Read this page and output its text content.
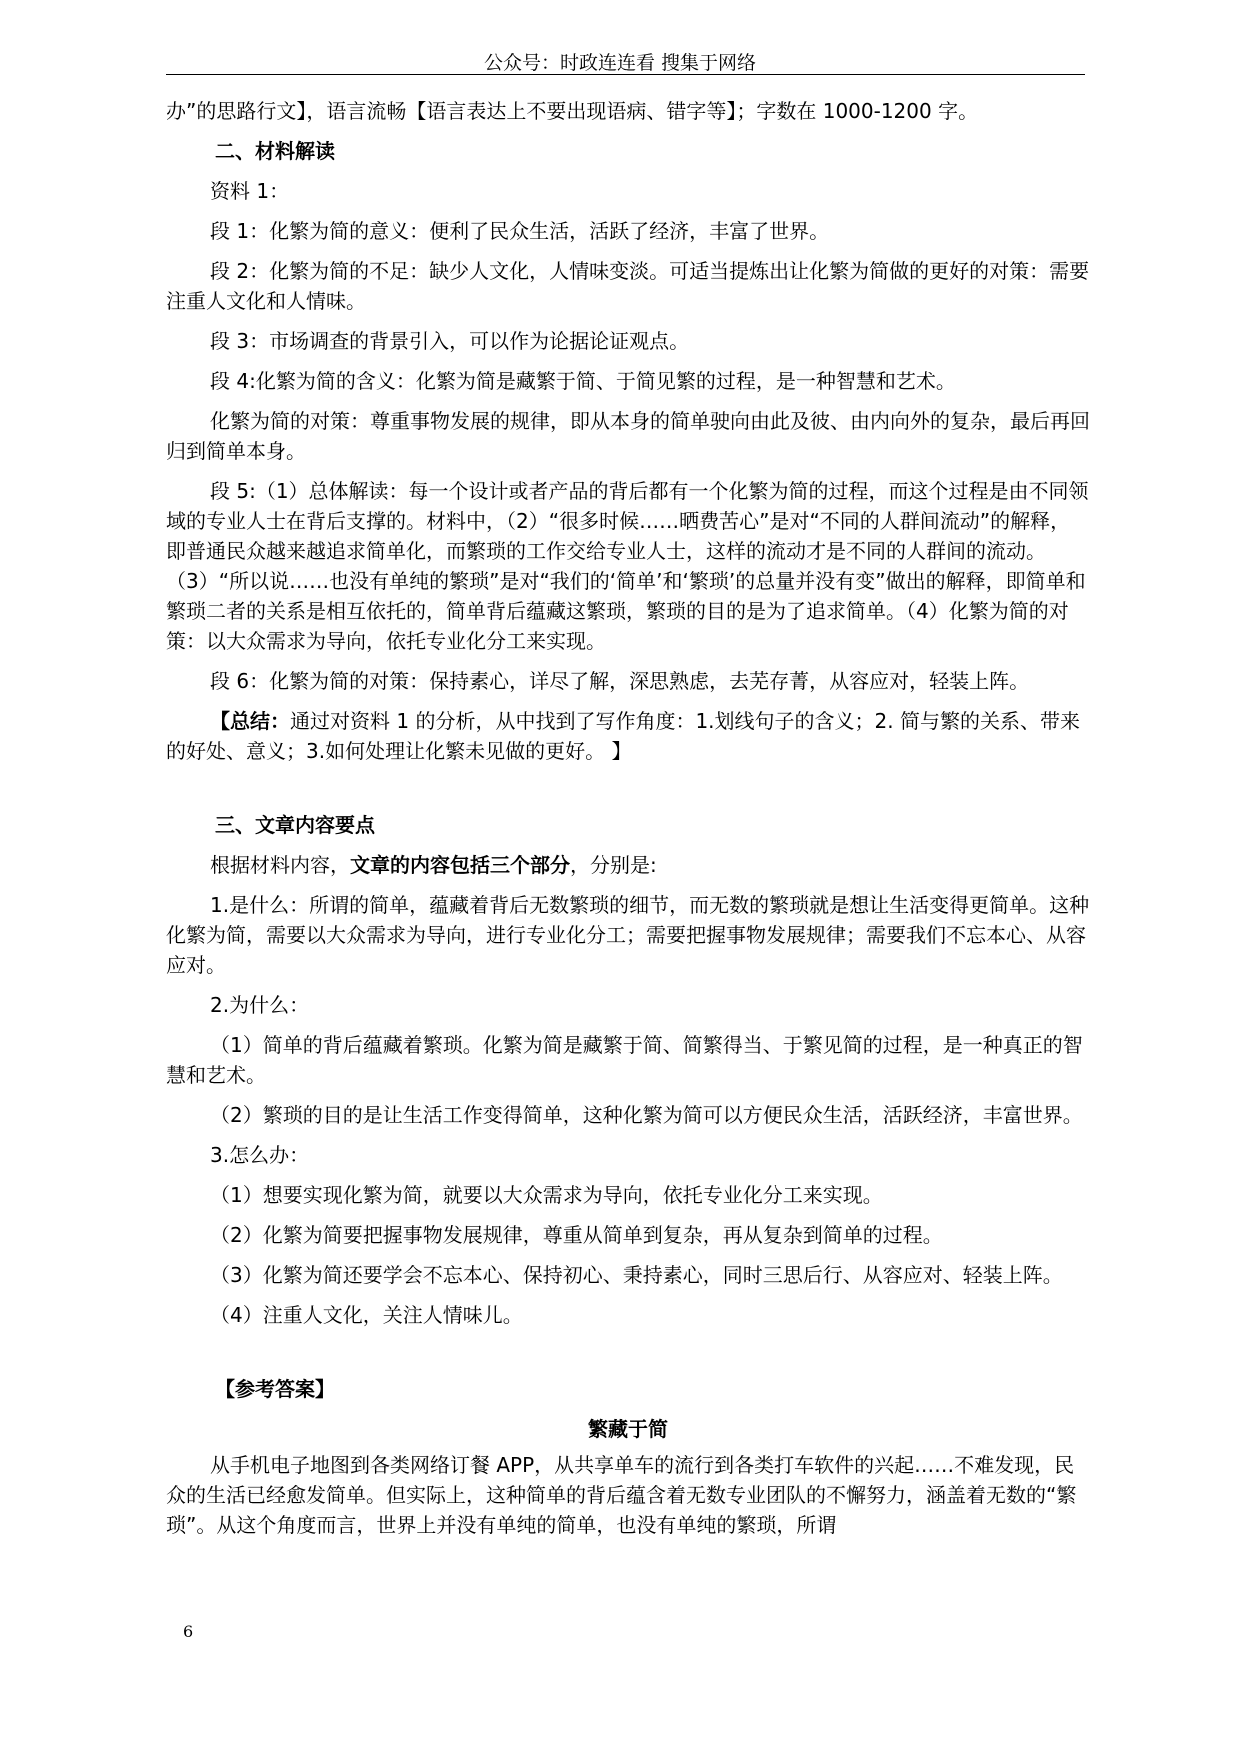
公众号：时政连连看 搜集于网络

办”的思路行文】，语言流畅【语言表达上不要出现语病、错字等】；字数在 1000-1200 字。

二、材料解读

资料 1：

段 1：化繁为简的意义：便利了民众生活，活跃了经济，丰富了世界。

段 2：化繁为简的不足：缺少人文化，人情味变淡。可适当提炼出让化繁为简做的更好的对策：需要注重人文化和人情味。

段 3：市场调查的背景引入，可以作为论据论证观点。

段 4:化繁为简的含义：化繁为简是藏繁于简、于简见繁的过程，是一种智慧和艺术。

化繁为简的对策：尊重事物发展的规律，即从本身的简单驶向由此及彼、由内向外的复杂，最后再回归到简单本身。

段 5:（1）总体解读：每一个设计或者产品的背后都有一个化繁为简的过程，而这个过程是由不同领域的专业人士在背后支撑的。材料中，（2）“很多时候……晒费苦心”是对“不同的人群间流动”的解释，即普通民众越来越追求简单化，而繁琐的工作交给专业人士，这样的流动才是不同的人群间的流动。（3）“所以说……也没有单纯的繁琐”是对“我们的‘简单’和‘繁琐’的总量并没有变”做出的解释，即简单和繁琐二者的关系是相互依托的，简单背后蕴藏这繁琐，繁琐的目的是为了追求简单。（4）化繁为简的对策：以大众需求为导向，依托专业化分工来实现。

段 6：化繁为简的对策：保持素心，详尽了解，深思熟虑，去芜存菁，从容应对，轻装上阵。

【总结：通过对资料 1 的分析，从中找到了写作角度：1.划线句子的含义；2. 简与繁的关系、带来的好处、意义；3.如何处理让化繁未见做的更好。 】

三、文章内容要点

根据材料内容，文章的内容包括三个部分，分别是:

1.是什么：所谓的简单，蕴藏着背后无数繁琐的细节，而无数的繁琐就是想让生活变得更简单。这种化繁为简，需要以大众需求为导向，进行专业化分工；需要把握事物发展规律；需要我们不忘本心、从容应对。

2.为什么：

（1）简单的背后蕴藏着繁琐。化繁为简是藏繁于简、简繁得当、于繁见简的过程，是一种真正的智慧和艺术。

（2）繁琐的目的是让生活工作变得简单，这种化繁为简可以方便民众生活，活跃经济，丰富世界。

3.怎么办：

（1）想要实现化繁为简，就要以大众需求为导向，依托专业化分工来实现。

（2）化繁为简要把握事物发展规律，尊重从简单到复杂，再从复杂到简单的过程。

（3）化繁为简还要学会不忘本心、保持初心、秉持素心，同时三思后行、从容应对、轻装上阵。

（4）注重人文化，关注人情味儿。

【参考答案】

繁藏于简

从手机电子地图到各类网络订餐 APP，从共享单车的流行到各类打车软件的兴起……不难发现，民众的生活已经愈发简单。但实际上，这种简单的背后蕴含着无数专业团队的不懈努力，涵盖着无数的“繁琐”。从这个角度而言，世界上并没有单纯的简单，也没有单纯的繁琐，所谓

6
